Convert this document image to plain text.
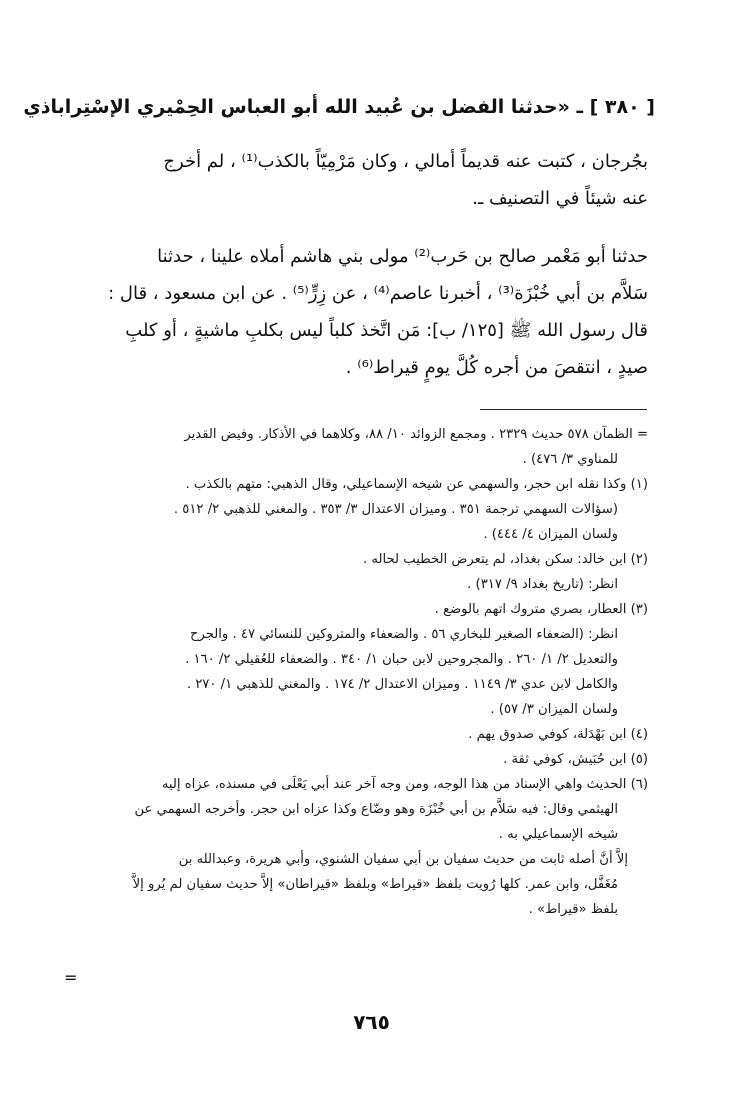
[ ٣٨٠ ] ـ «حدثنا الفضل بن عُبيد الله أبو العباس الحِمْيري الإسْتِراباذي
بجُرجان ، كتبت عنه قديماً أمالي ، وكان مَرْمِيّاً بالكذب⁽¹⁾ ، لم أخرج
عنه شيئاً في التصنيف ـ.
حدثنا أبو مَعْمر صالح بن حَرب⁽²⁾ مولى بني هاشم أملاه علينا ، حدثنا
سَلاَّم بن أبي خُبْزَة⁽³⁾ ، أخبرنا عاصم⁽⁴⁾ ، عن زِرٍّ⁽⁵⁾ . عن ابن مسعود ، قال :
قال رسول الله ﷺ [١٢٥/ ب]: مَن اتَّخذ كلباً ليس بكلبِ ماشيةٍ ، أو كلبِ
صيدٍ ، انتقصَ من أجره كُلَّ يومٍ قيراط⁽⁶⁾ .
= الظمآن ٥٧٨ حديث ٢٣٢٩ . ومجمع الزوائد ١٠/ ٨٨، وكلاهما في الأذكار. وفيض القدير
للمناوي ٣/ ٤٧٦) .
(١) وكذا نقله ابن حجر، والسهمي عن شيخه الإسماعيلي، وقال الذهبي: متهم بالكذب .
(سؤالات السهمي ترجمة ٣٥١ . وميزان الاعتدال ٣/ ٣٥٣ . والمغني للذهبي ٢/ ٥١٢ .
ولسان الميزان ٤/ ٤٤٤) .
(٢) ابن خالد: سكن بغداد، لم يتعرض الخطيب لحاله .
انظر: (تاريخ بغداد ٩/ ٣١٧) .
(٣) العطار، بصري متروك اتهم بالوضع .
انظر: (الضعفاء الصغير للبخاري ٥٦ . والضعفاء والمتروكين للنسائي ٤٧ . والجرح
والتعديل ٢/ ١/ ٢٦٠ . والمجروحين لابن حبان ١/ ٣٤٠ . والضعفاء للعُقيلي ٢/ ١٦٠ .
والكامل لابن عدي ٣/ ١١٤٩ . وميزان الاعتدال ٢/ ١٧٤ . والمغني للذهبي ١/ ٢٧٠ .
ولسان الميزان ٣/ ٥٧) .
(٤) ابن بَهْدَلة، كوفي صدوق يهم .
(٥) ابن حُبَيش، كوفي ثقة .
(٦) الحديث واهي الإسناد من هذا الوجه، ومن وجه آخر عند أبي يَعْلَى في مسنده، عزاه إليه
الهيثمي وقال: فيه سَلاَّم بن أبي خُبْزَة وهو وضّاع وكذا عزاه ابن حجر. وأخرجه السهمي عن
شيخه الإسماعيلي به .
إلاَّ أنَّ أصله ثابت من حديث سفيان بن أبي سفيان الشنوي، وأبي هريرة، وعبدالله بن
مُغَفَّل، وابن عمر. كلها رُويت بلفظ «قيراط» وبلفظ «قيراطان» إلاَّ حديث سفيان لم يُرو إلاَّ
بلفظ «قيراط» .
=
٧٦٥
